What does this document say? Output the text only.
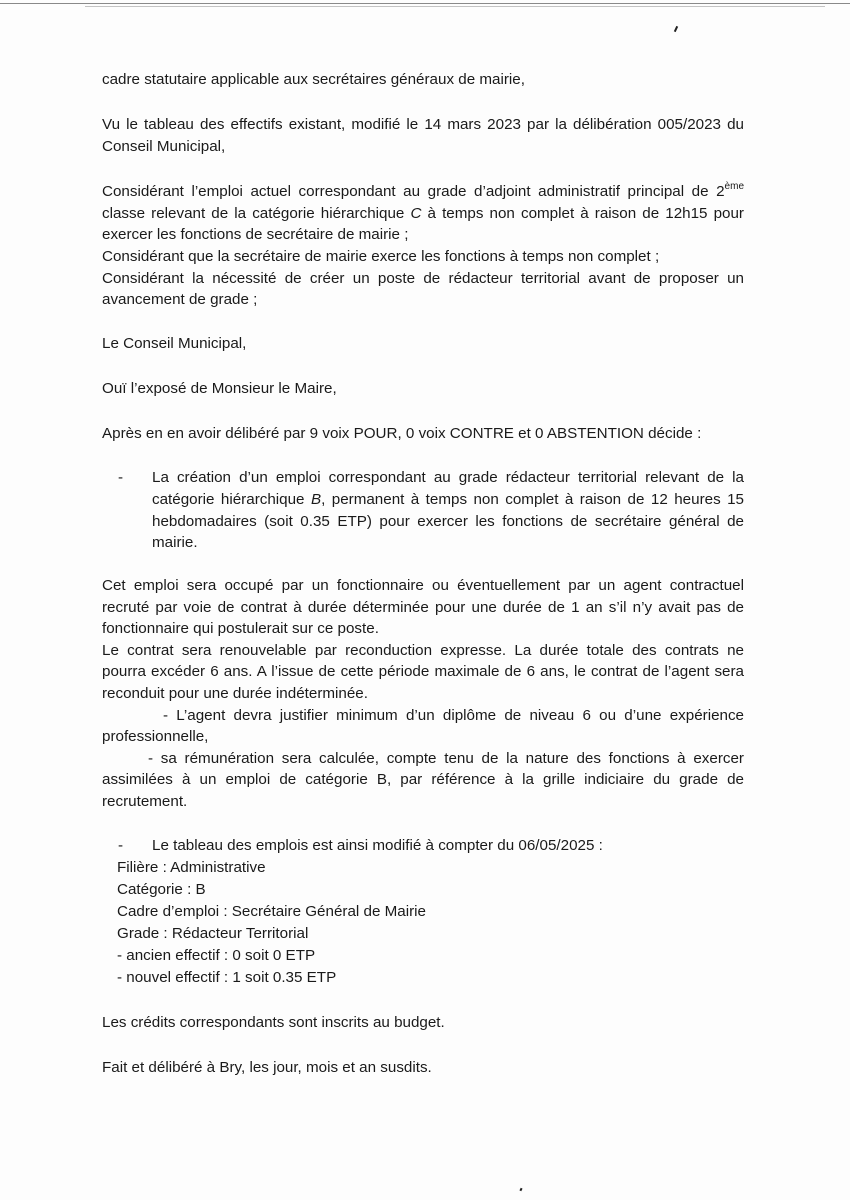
cadre statutaire applicable aux secrétaires généraux de mairie,
Vu le tableau des effectifs existant, modifié le 14 mars 2023 par la délibération 005/2023 du
Conseil Municipal,
Considérant l’emploi actuel correspondant au grade d’adjoint administratif principal de 2ème
classe relevant de la catégorie hiérarchique C à temps non complet à raison de 12h15 pour
exercer les fonctions de secrétaire de mairie ;
Considérant que la secrétaire de mairie exerce les fonctions à temps non complet ;
Considérant la nécessité de créer un poste de rédacteur territorial avant de proposer un
avancement de grade ;
Le Conseil Municipal,
Ouï l’exposé de Monsieur le Maire,
Après en en avoir délibéré par 9 voix POUR, 0 voix CONTRE et 0 ABSTENTION décide :
- La création d’un emploi correspondant au grade rédacteur territorial relevant de la
catégorie hiérarchique B, permanent à temps non complet à raison de 12 heures 15
hebdomadaires (soit 0.35 ETP) pour exercer les fonctions de secrétaire général de
mairie.
Cet emploi sera occupé par un fonctionnaire ou éventuellement par un agent contractuel
recruté par voie de contrat à durée déterminée pour une durée de 1 an s’il n’y avait pas de
fonctionnaire qui postulerait sur ce poste.
Le contrat sera renouvelable par reconduction expresse. La durée totale des contrats ne
pourra excéder 6 ans. A l’issue de cette période maximale de 6 ans, le contrat de l’agent sera
reconduit pour une durée indéterminée.
- L’agent devra justifier minimum d’un diplôme de niveau 6 ou d’une expérience
professionnelle,
- sa rémunération sera calculée, compte tenu de la nature des fonctions à exercer
assimilées à un emploi de catégorie B, par référence à la grille indiciaire du grade de
recrutement.
- Le tableau des emplois est ainsi modifié à compter du 06/05/2025 :
Filière : Administrative
Catégorie : B
Cadre d’emploi : Secrétaire Général de Mairie
Grade : Rédacteur Territorial
- ancien effectif : 0 soit 0 ETP
- nouvel effectif : 1 soit 0.35 ETP
Les crédits correspondants sont inscrits au budget.
Fait et délibéré à Bry, les jour, mois et an susdits.
